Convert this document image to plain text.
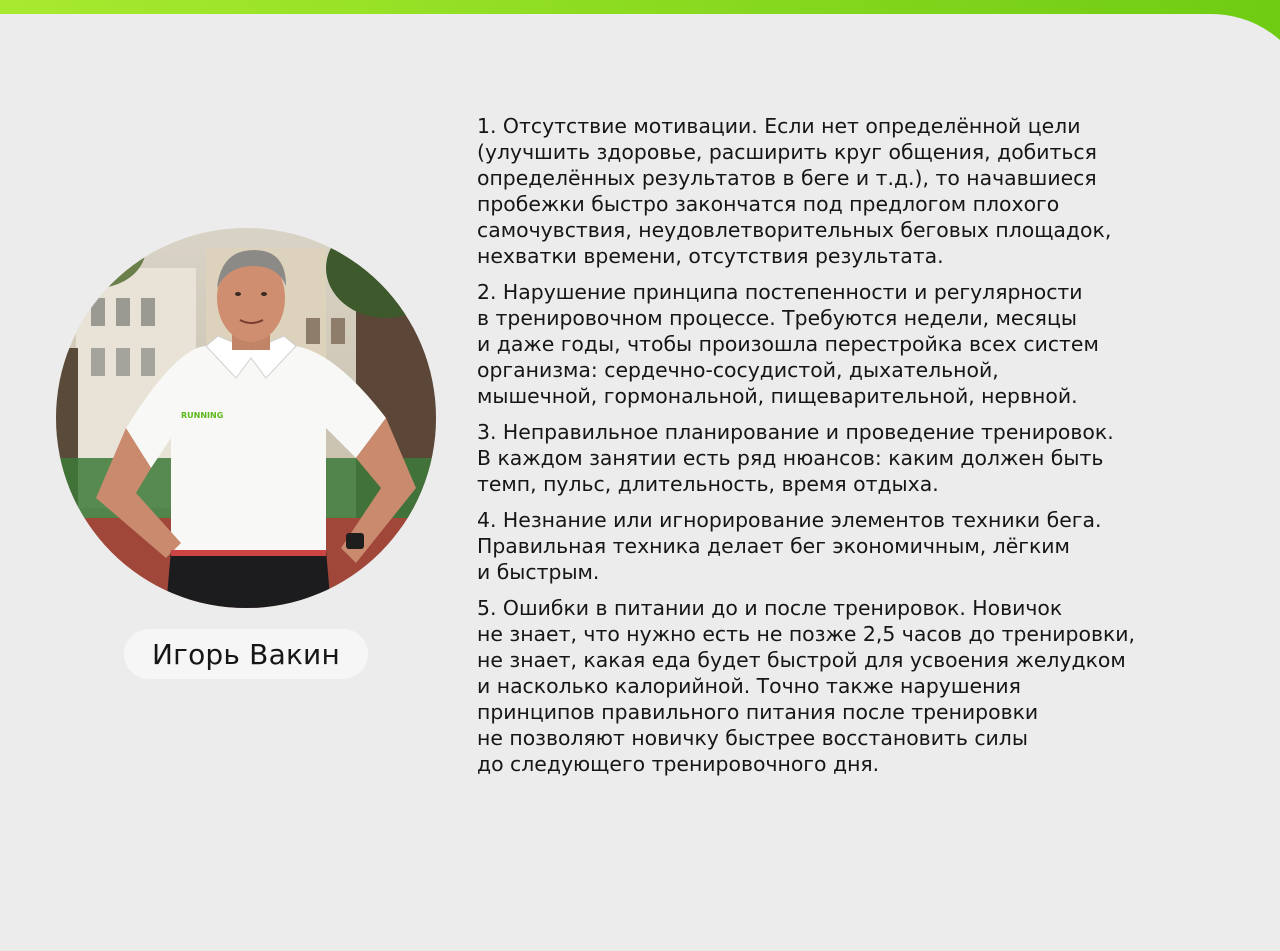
RUNNING
Игорь Вакин

1. Отсутствие мотивации. Если нет определённой цели
(улучшить здоровье, расширить круг общения, добиться
определённых результатов в беге и т.д.), то начавшиеся
пробежки быстро закончатся под предлогом плохого
самочувствия, неудовлетворительных беговых площадок,
нехватки времени, отсутствия результата.

2. Нарушение принципа постепенности и регулярности
в тренировочном процессе. Требуются недели, месяцы
и даже годы, чтобы произошла перестройка всех систем
организма: сердечно-сосудистой, дыхательной,
мышечной, гормональной, пищеварительной, нервной.

3. Неправильное планирование и проведение тренировок.
В каждом занятии есть ряд нюансов: каким должен быть
темп, пульс, длительность, время отдыха.

4. Незнание или игнорирование элементов техники бега.
Правильная техника делает бег экономичным, лёгким
и быстрым.

5. Ошибки в питании до и после тренировок. Новичок
не знает, что нужно есть не позже 2,5 часов до тренировки,
не знает, какая еда будет быстрой для усвоения желудком
и насколько калорийной. Точно также нарушения
принципов правильного питания после тренировки
не позволяют новичку быстрее восстановить силы
до следующего тренировочного дня.
